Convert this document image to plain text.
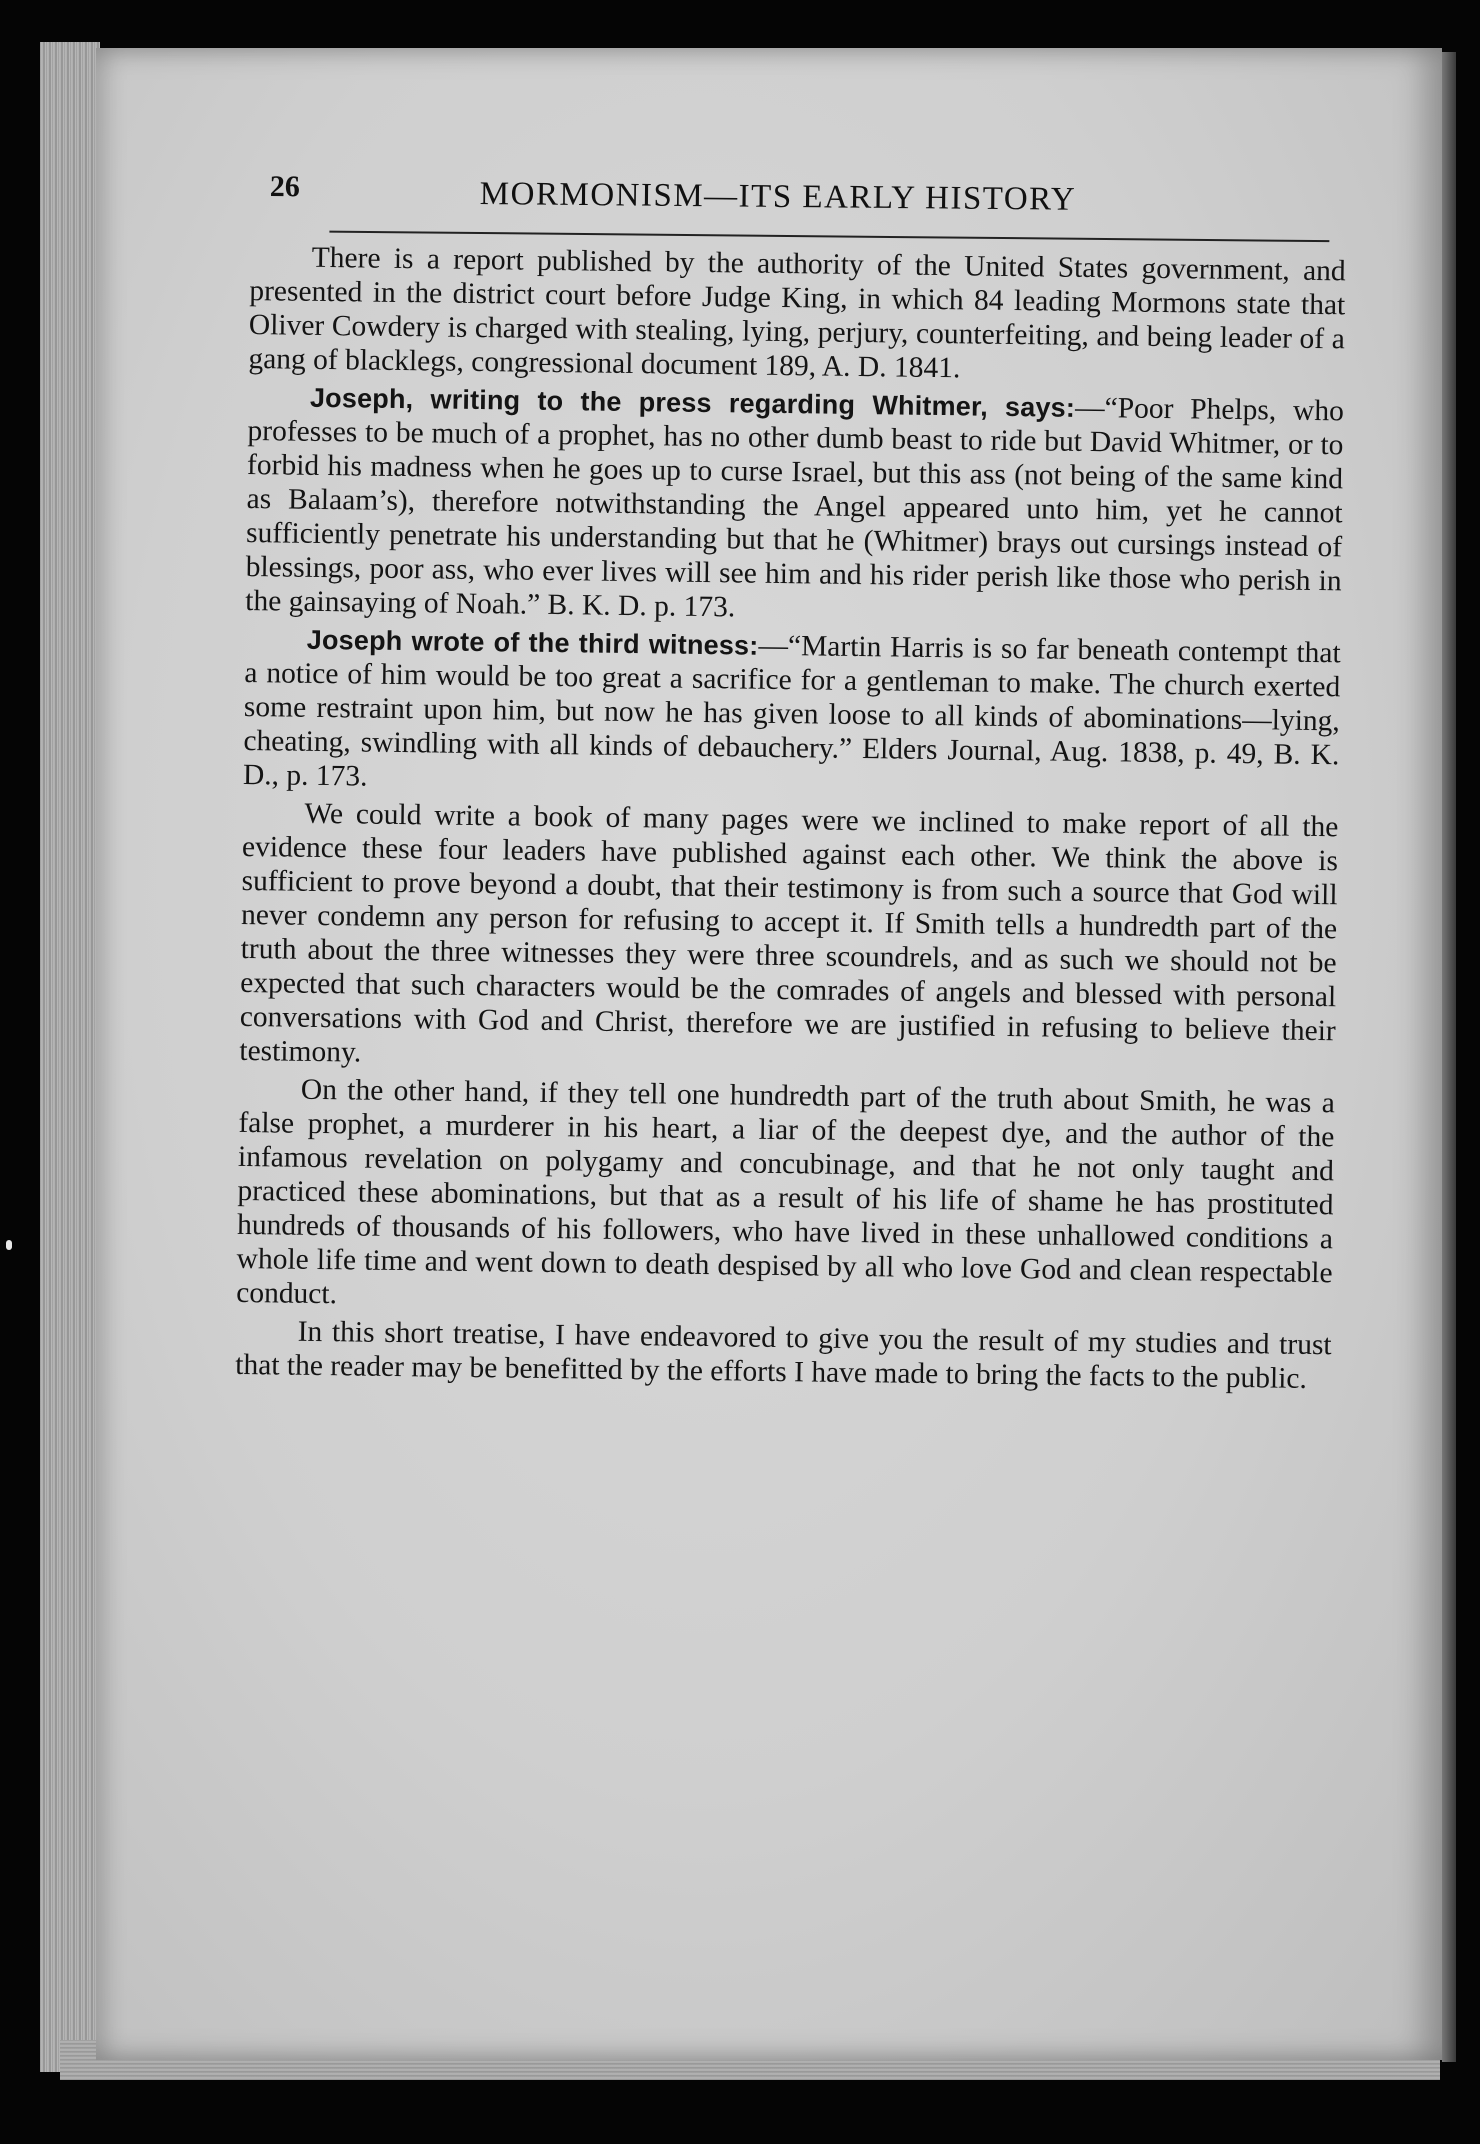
26	MORMONISM—ITS EARLY HISTORY

There is a report published by the authority of the United States government, and presented in the district court before Judge King, in which 84 leading Mormons state that Oliver Cowdery is charged with stealing, lying, perjury, counterfeiting, and being leader of a gang of blacklegs, congressional document 189, A. D. 1841.

Joseph, writing to the press regarding Whitmer, says:—“Poor Phelps, who professes to be much of a prophet, has no other dumb beast to ride but David Whitmer, or to forbid his madness when he goes up to curse Israel, but this ass (not being of the same kind as Balaam’s), therefore notwithstanding the Angel appeared unto him, yet he cannot sufficiently penetrate his understanding but that he (Whitmer) brays out cursings instead of blessings, poor ass, who ever lives will see him and his rider perish like those who perish in the gainsaying of Noah.” B. K. D. p. 173.

Joseph wrote of the third witness:—“Martin Harris is so far beneath contempt that a notice of him would be too great a sacrifice for a gentleman to make. The church exerted some restraint upon him, but now he has given loose to all kinds of abominations—lying, cheating, swindling with all kinds of debauchery.” Elders Journal, Aug. 1838, p. 49, B. K. D., p. 173.

We could write a book of many pages were we inclined to make report of all the evidence these four leaders have published against each other. We think the above is sufficient to prove beyond a doubt, that their testimony is from such a source that God will never condemn any person for refusing to accept it. If Smith tells a hundredth part of the truth about the three witnesses they were three scoundrels, and as such we should not be expected that such characters would be the comrades of angels and blessed with personal conversations with God and Christ, therefore we are justified in refusing to believe their testimony.

On the other hand, if they tell one hundredth part of the truth about Smith, he was a false prophet, a murderer in his heart, a liar of the deepest dye, and the author of the infamous revelation on polygamy and concubinage, and that he not only taught and practiced these abominations, but that as a result of his life of shame he has prostituted hundreds of thousands of his followers, who have lived in these unhallowed conditions a whole life time and went down to death despised by all who love God and clean respectable conduct.

In this short treatise, I have endeavored to give you the result of my studies and trust that the reader may be benefitted by the efforts I have made to bring the facts to the public.
